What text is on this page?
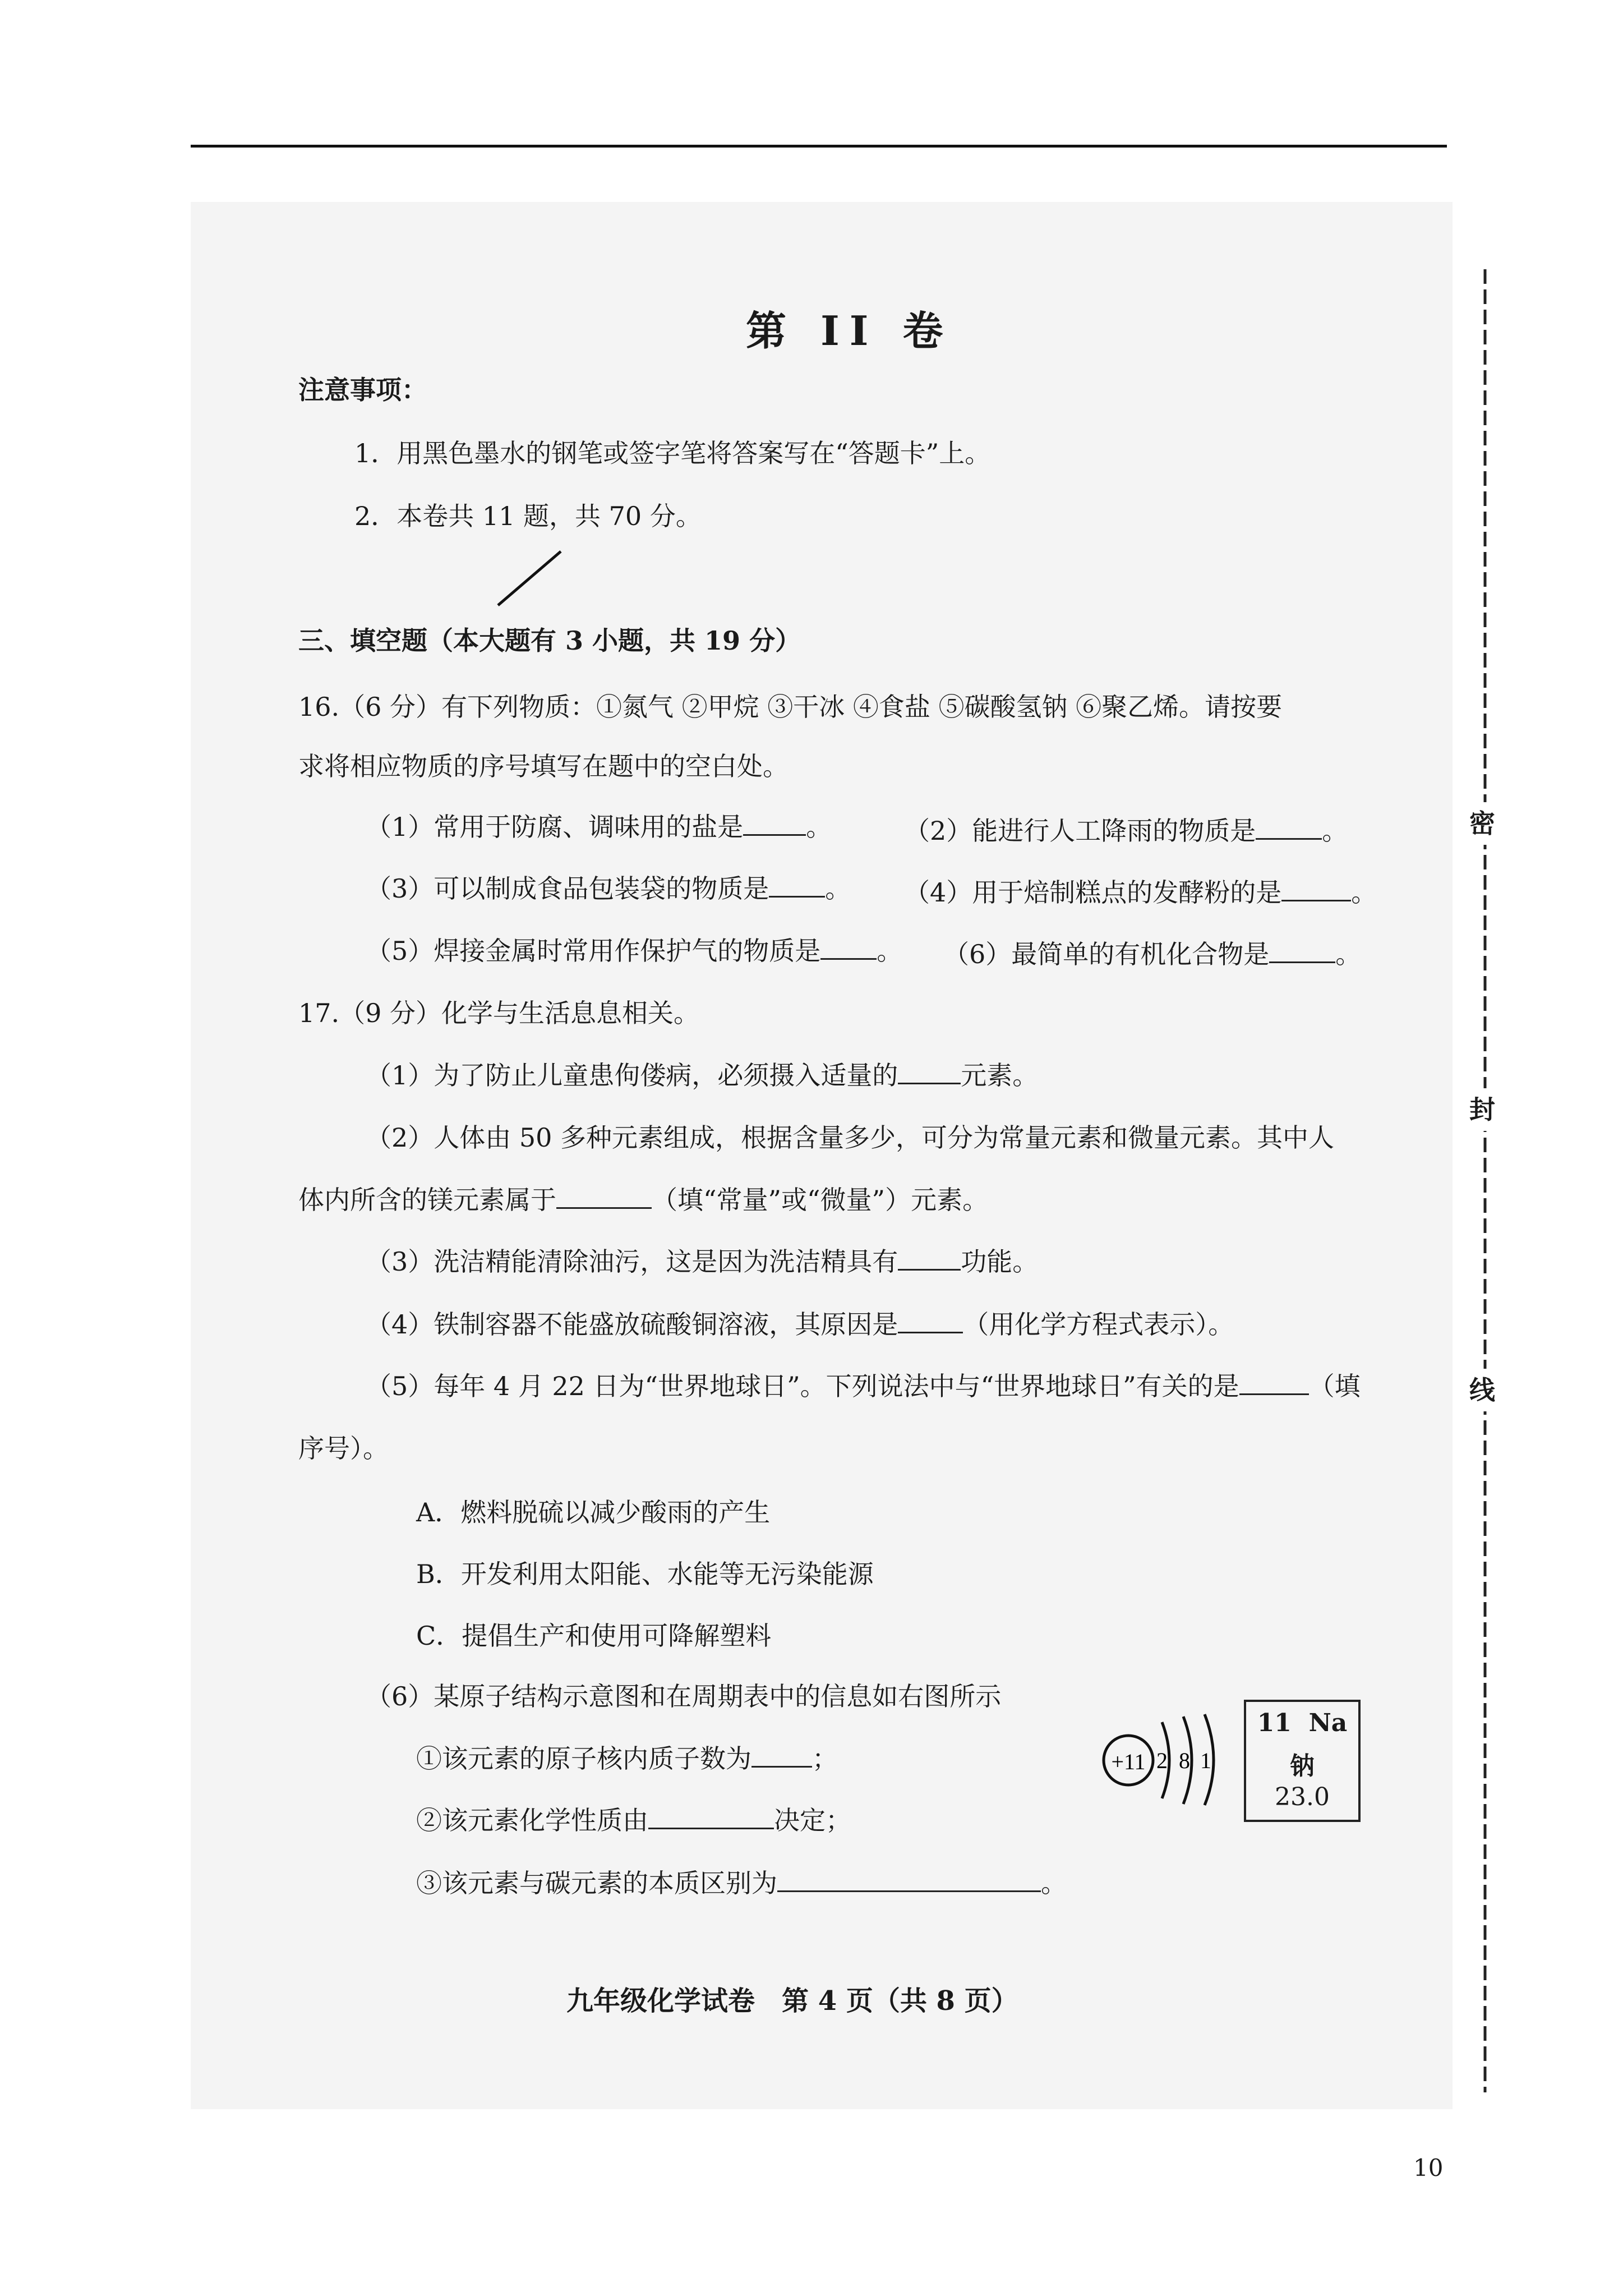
第 II 卷
注意事项：
1．用黑色墨水的钢笔或签字笔将答案写在“答题卡”上。
2．本卷共 11 题，共 70 分。
三、填空题（本大题有 3 小题，共 19 分）
16.（6 分）有下列物质：①氮气 ②甲烷 ③干冰 ④食盐 ⑤碳酸氢钠 ⑥聚乙烯。请按要
求将相应物质的序号填写在题中的空白处。
（1）常用于防腐、调味用的盐是 。	（2）能进行人工降雨的物质是	。
（3）可以制成食品包装袋的物质是 。 （4）用于焙制糕点的发酵粉的是	。
（5）焊接金属时常用作保护气的物质是 。 （6）最简单的有机化合物是	。
17.（9 分）化学与生活息息相关。
（1）为了防止儿童患佝偻病，必须摄入适量的 元素。
（2）人体由 50 多种元素组成，根据含量多少，可分为常量元素和微量元素。其中人
体内所含的镁元素属于	（填“常量”或“微量”）元素。
（3）洗洁精能清除油污，这是因为洗洁精具有 功能。
（4）铁制容器不能盛放硫酸铜溶液，其原因是	（用化学方程式表示）。
（5）每年 4 月 22 日为“世界地球日”。下列说法中与“世界地球日”有关的是	（填
序号）。
A．燃料脱硫以减少酸雨的产生
B．开发利用太阳能、水能等无污染能源
C．提倡生产和使用可降解塑料
（6）某原子结构示意图和在周期表中的信息如右图所示
①该元素的原子核内质子数为 ；
②该元素化学性质由	决定；
③该元素与碳元素的本质区别为	。
+11 2 8 1
11 Na
钠
23.0
密
封
线
九年级化学试卷　第 4 页（共 8 页）
10
